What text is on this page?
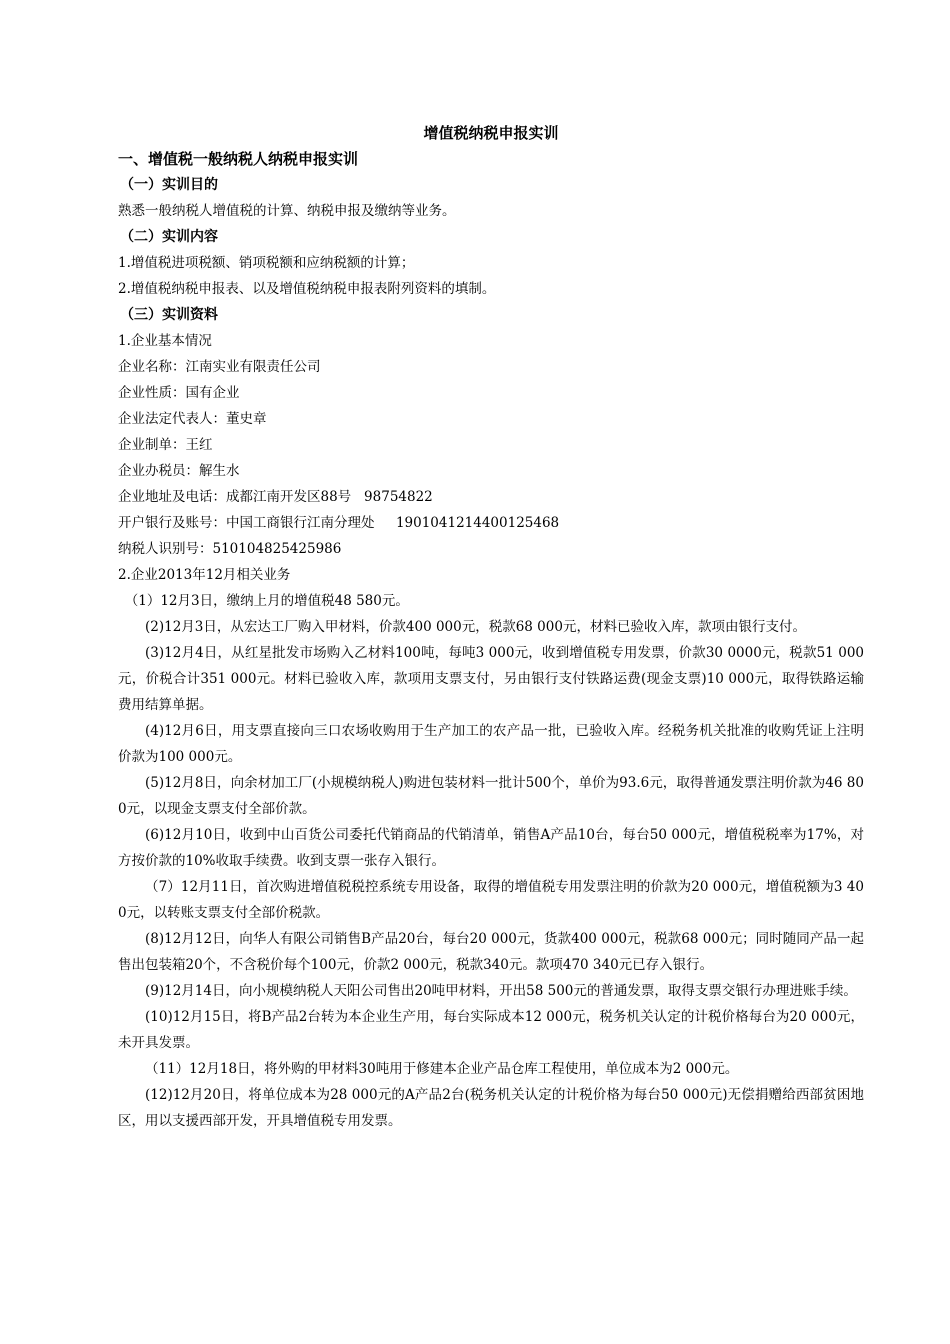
增值税纳税申报实训

一、增值税一般纳税人纳税申报实训

（一）实训目的

熟悉一般纳税人增值税的计算、纳税申报及缴纳等业务。

（二）实训内容

1.增值税进项税额、销项税额和应纳税额的计算；

2.增值税纳税申报表、以及增值税纳税申报表附列资料的填制。

（三）实训资料

1.企业基本情况

企业名称：江南实业有限责任公司

企业性质：国有企业

企业法定代表人：董史章

企业制单：王红

企业办税员：解生水

企业地址及电话：成都江南开发区88号   98754822

开户银行及账号：中国工商银行江南分理处     1901041214400125468

纳税人识别号：510104825425986

2.企业2013年12月相关业务

（1）12月3日，缴纳上月的增值税48 580元。

(2)12月3日，从宏达工厂购入甲材料，价款400 000元，税款68 000元，材料已验收入库，款项由银行支付。

(3)12月4日，从红星批发市场购入乙材料100吨，每吨3 000元，收到增值税专用发票，价款30 0000元，税款51 000元，价税合计351 000元。材料已验收入库，款项用支票支付，另由银行支付铁路运费(现金支票)10 000元，取得铁路运输费用结算单据。

(4)12月6日，用支票直接向三口农场收购用于生产加工的农产品一批，已验收入库。经税务机关批准的收购凭证上注明价款为100 000元。

(5)12月8日，向余材加工厂(小规模纳税人)购进包装材料一批计500个，单价为93.6元，取得普通发票注明价款为46 800元，以现金支票支付全部价款。

(6)12月10日，收到中山百货公司委托代销商品的代销清单，销售A产品10台，每台50 000元，增值税税率为17%，对方按价款的10%收取手续费。收到支票一张存入银行。

（7）12月11日，首次购进增值税税控系统专用设备，取得的增值税专用发票注明的价款为20 000元，增值税额为3 400元，以转账支票支付全部价税款。

(8)12月12日，向华人有限公司销售B产品20台，每台20 000元，货款400 000元，税款68 000元；同时随同产品一起售出包装箱20个，不含税价每个100元，价款2 000元，税款340元。款项470 340元已存入银行。

(9)12月14日，向小规模纳税人天阳公司售出20吨甲材料，开出58 500元的普通发票，取得支票交银行办理进账手续。

(10)12月15日，将B产品2台转为本企业生产用，每台实际成本12 000元，税务机关认定的计税价格每台为20 000元，未开具发票。

（11）12月18日，将外购的甲材料30吨用于修建本企业产品仓库工程使用，单位成本为2 000元。

(12)12月20日，将单位成本为28 000元的A产品2台(税务机关认定的计税价格为每台50 000元)无偿捐赠给西部贫困地区，用以支援西部开发，开具增值税专用发票。
